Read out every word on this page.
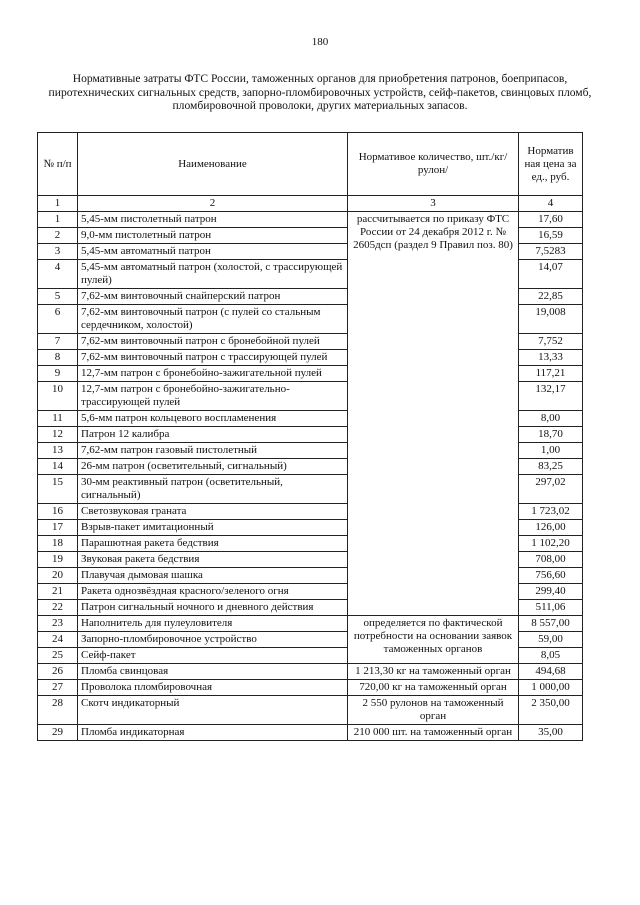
180
Нормативные затраты ФТС России, таможенных органов для приобретения патронов, боеприпасов, пиротехнических сигнальных средств, запорно-пломбировочных устройств, сейф-пакетов, свинцовых пломб, пломбировочной проволоки, других материальных запасов.
№ п/п	Наименование	Нормативое количество, шт./кг/рулон/	Норматив ная цена за ед., руб.
1	2	3	4
1	5,45-мм пистолетный патрон	рассчитывается по приказу ФТС России от 24 декабря 2012 г. № 2605дсп (раздел 9 Правил поз. 80)	17,60
2	9,0-мм пистолетный патрон		16,59
3	5,45-мм автоматный патрон		7,5283
4	5,45-мм автоматный патрон (холостой, с трассирующей пулей)		14,07
5	7,62-мм винтовочный снайперский патрон		22,85
6	7,62-мм винтовочный патрон (с пулей со стальным сердечником, холостой)		19,008
7	7,62-мм винтовочный патрон с бронебойной пулей		7,752
8	7,62-мм винтовочный патрон с трассирующей пулей		13,33
9	12,7-мм патрон с бронебойно-зажигательной пулей		117,21
10	12,7-мм патрон с бронебойно-зажигательно-трассирующей пулей		132,17
11	5,6-мм патрон кольцевого воспламенения		8,00
12	Патрон 12 калибра		18,70
13	7,62-мм патрон газовый пистолетный		1,00
14	26-мм патрон (осветительный, сигнальный)		83,25
15	30-мм реактивный патрон (осветительный, сигнальный)		297,02
16	Светозвуковая граната		1 723,02
17	Взрыв-пакет имитационный		126,00
18	Парашютная ракета бедствия		1 102,20
19	Звуковая ракета бедствия		708,00
20	Плавучая дымовая шашка		756,60
21	Ракета однозвёздная красного/зеленого огня		299,40
22	Патрон сигнальный ночного и дневного действия		511,06
23	Наполнитель для пулеуловителя	определяется по фактической потребности на основании заявок таможенных органов	8 557,00
24	Запорно-пломбировочное устройство		59,00
25	Сейф-пакет		8,05
26	Пломба свинцовая	1 213,30 кг на таможенный орган	494,68
27	Проволока пломбировочная	720,00 кг на таможенный орган	1 000,00
28	Скотч индикаторный	2 550 рулонов на таможенный орган	2 350,00
29	Пломба индикаторная	210 000 шт. на таможенный орган	35,00
